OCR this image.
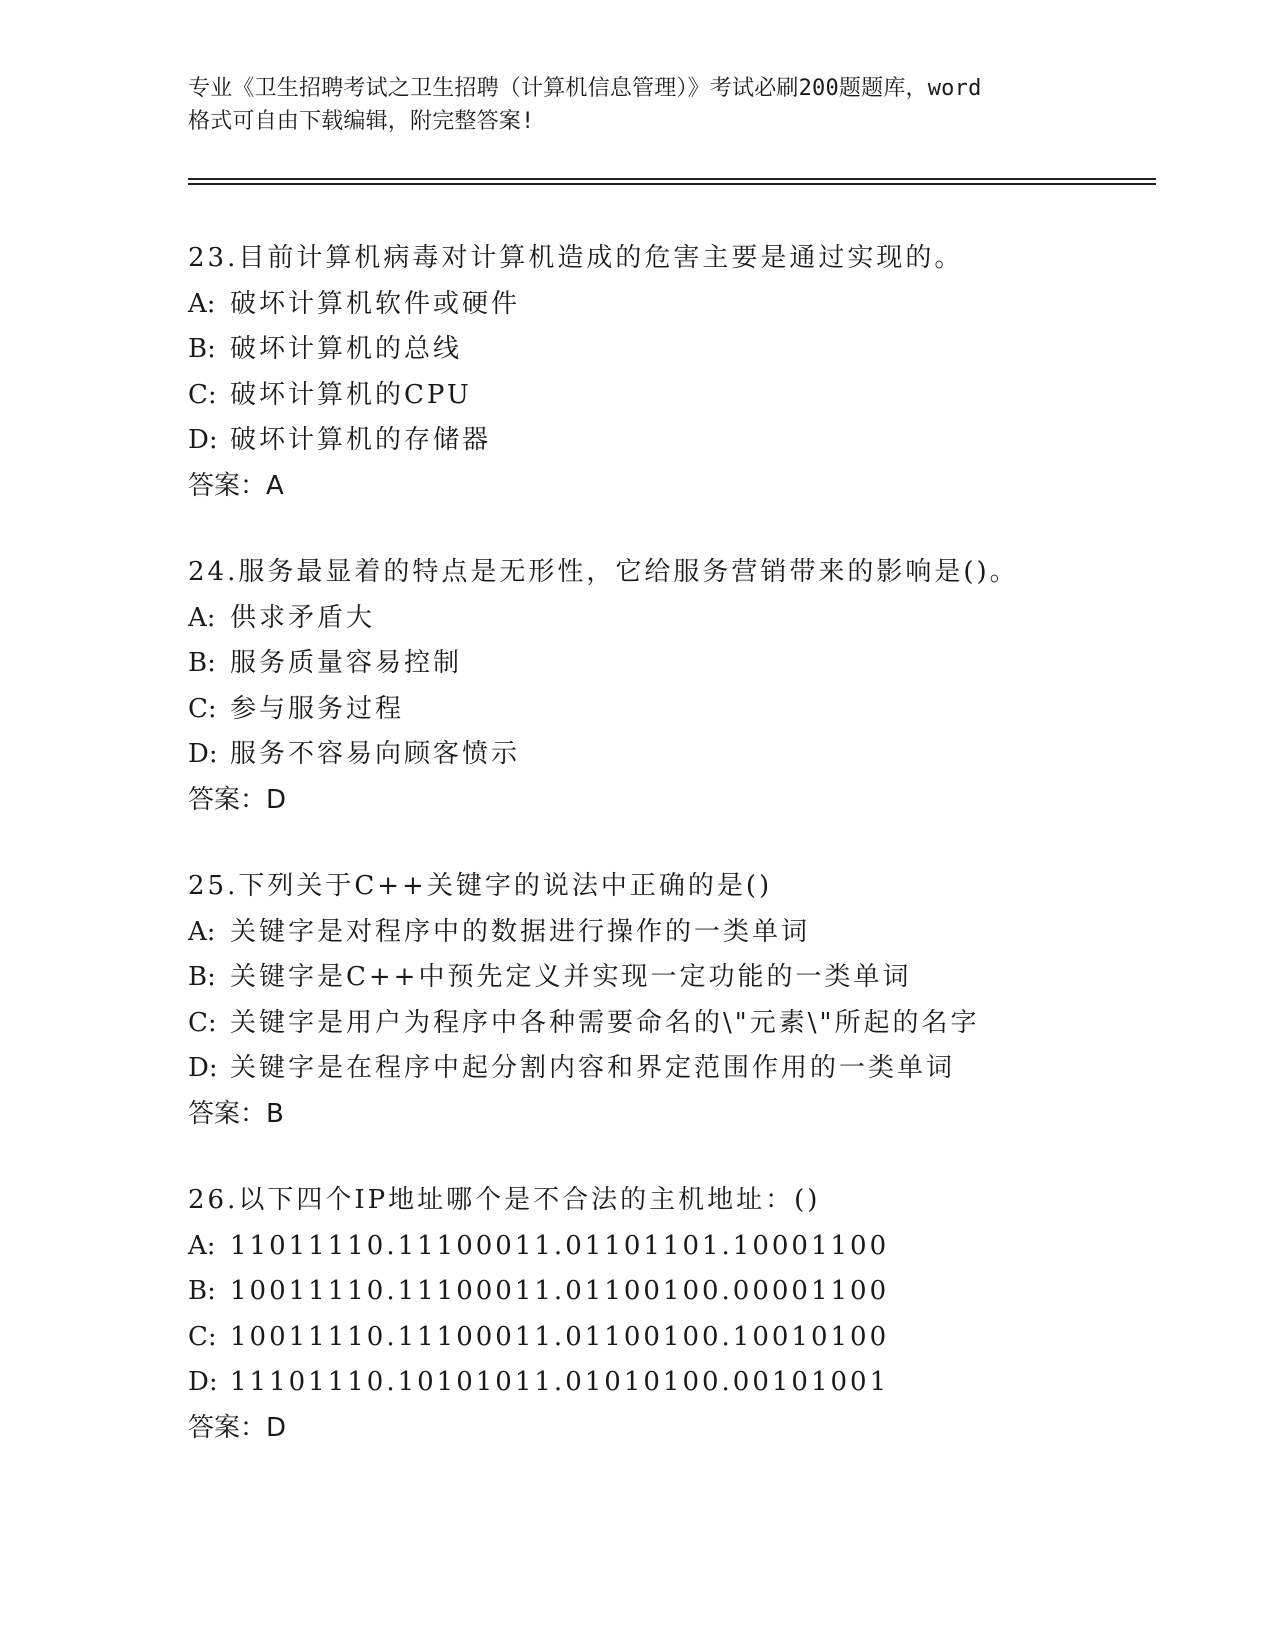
专业《卫生招聘考试之卫生招聘（计算机信息管理）》考试必刷200题题库，word
格式可自由下载编辑，附完整答案!
23.目前计算机病毒对计算机造成的危害主要是通过实现的。
A: 破坏计算机软件或硬件
B: 破坏计算机的总线
C: 破坏计算机的CPU
D: 破坏计算机的存储器
答案：A
24.服务最显着的特点是无形性，它给服务营销带来的影响是()。
A: 供求矛盾大
B: 服务质量容易控制
C: 参与服务过程
D: 服务不容易向顾客愤示
答案：D
25.下列关于C++关键字的说法中正确的是()
A: 关键字是对程序中的数据进行操作的一类单词
B: 关键字是C++中预先定义并实现一定功能的一类单词
C: 关键字是用户为程序中各种需要命名的\"元素\"所起的名字
D: 关键字是在程序中起分割内容和界定范围作用的一类单词
答案：B
26.以下四个IP地址哪个是不合法的主机地址：()
A: 11011110.11100011.01101101.10001100
B: 10011110.11100011.01100100.00001100
C: 10011110.11100011.01100100.10010100
D: 11101110.10101011.01010100.00101001
答案：D
